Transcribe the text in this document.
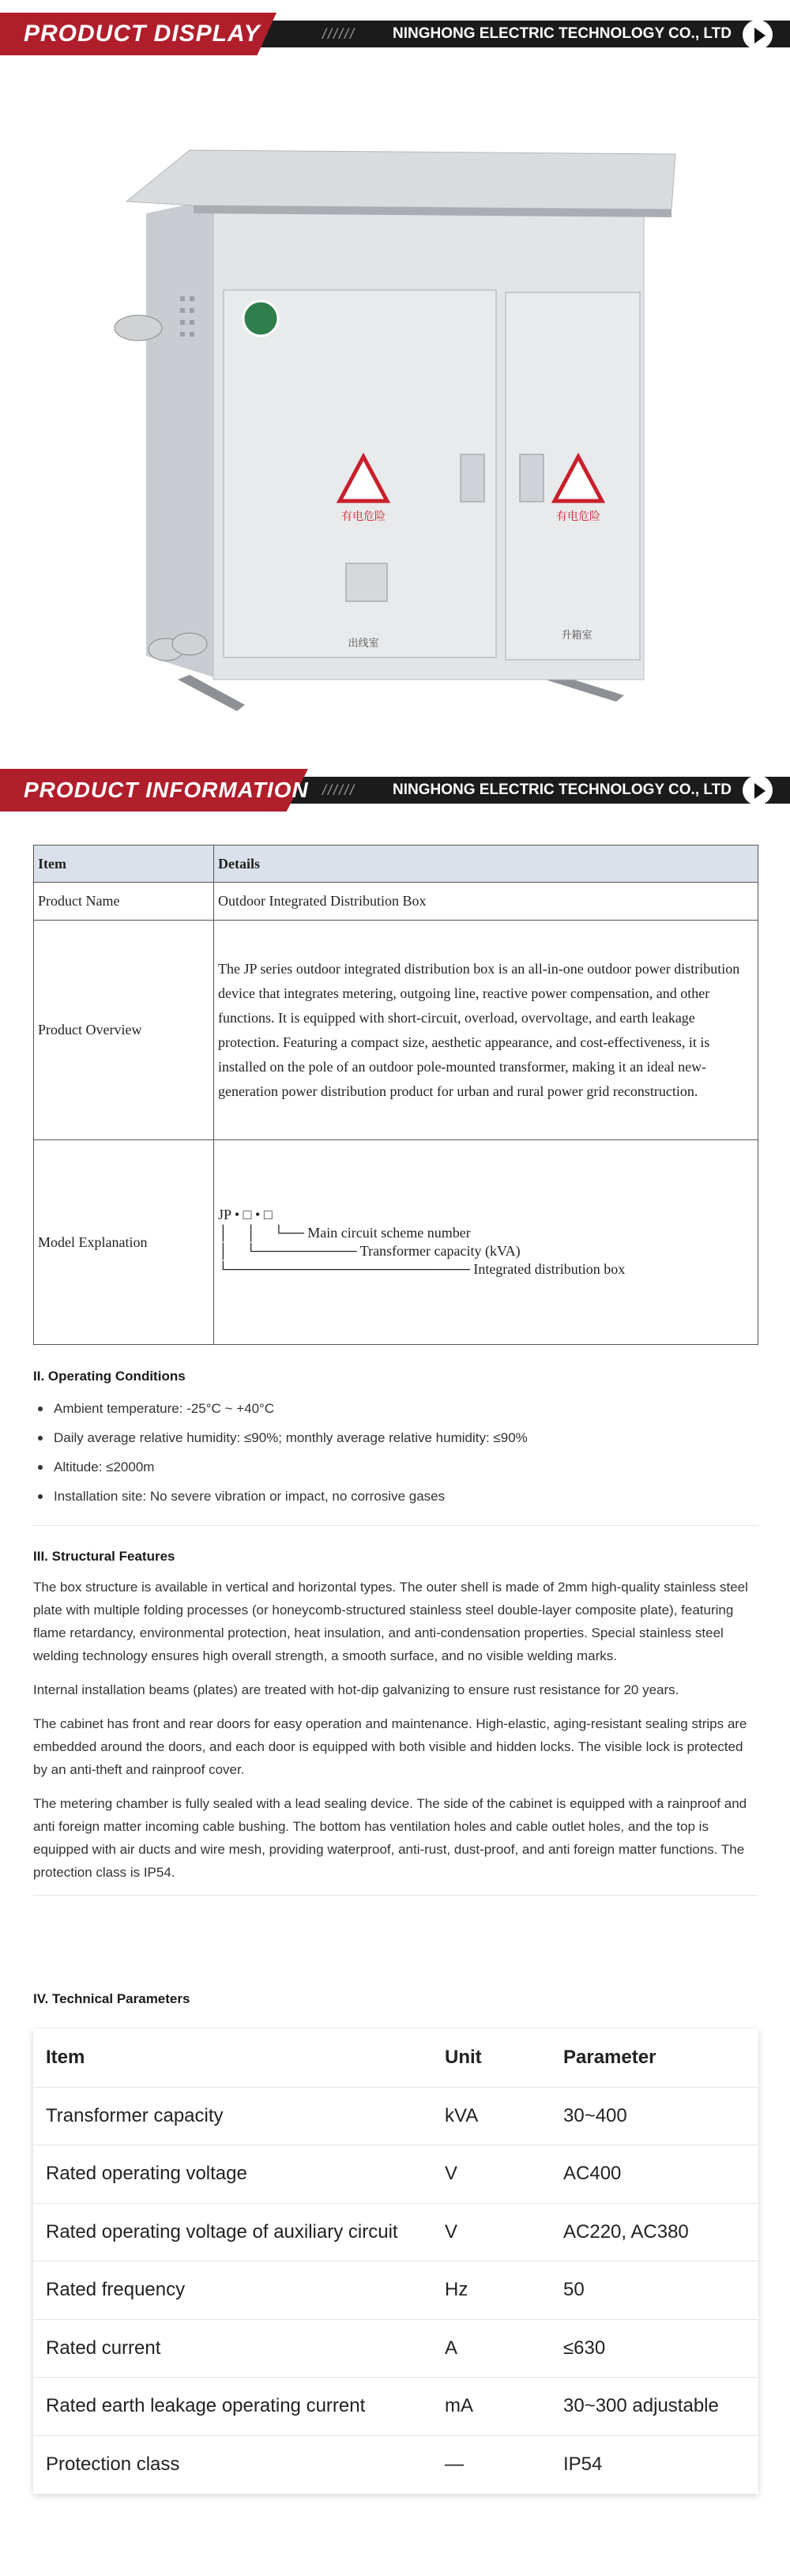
PRODUCT DISPLAY	////// NINGHONG ELECTRIC TECHNOLOGY CO., LTD
有电危险	有电危险
出线室
升箱室
PRODUCT INFORMATION ////// NINGHONG ELECTRIC TECHNOLOGY CO., LTD
Item	Details
Product Name	Outdoor Integrated Distribution Box
Product Overview	The JP series outdoor integrated distribution box is an all-in-one outdoor power distribution device that integrates metering, outgoing line, reactive power compensation, and other functions. It is equipped with short-circuit, overload, overvoltage, and earth leakage protection. Featuring a compact size, aesthetic appearance, and cost-effectiveness, it is installed on the pole of an outdoor pole-mounted transformer, making it an ideal new-generation power distribution product for urban and rural power grid reconstruction.

Model Explanation	JP • □ • □
│     │     └── Main circuit scheme number
│     └────────── Transformer capacity (kVA)
└──────────────────────── Integrated distribution box
II. Operating Conditions
Ambient temperature: -25°C ~ +40°C
Daily average relative humidity: ≤90%; monthly average relative humidity: ≤90%
Altitude: ≤2000m
Installation site: No severe vibration or impact, no corrosive gases
III. Structural Features

The box structure is available in vertical and horizontal types. The outer shell is made of 2mm high-quality stainless steel plate with multiple folding processes (or honeycomb-structured stainless steel double-layer composite plate), featuring flame retardancy, environmental protection, heat insulation, and anti-condensation properties. Special stainless steel welding technology ensures high overall strength, a smooth surface, and no visible welding marks.

Internal installation beams (plates) are treated with hot-dip galvanizing to ensure rust resistance for 20 years.

The cabinet has front and rear doors for easy operation and maintenance. High-elastic, aging-resistant sealing strips are embedded around the doors, and each door is equipped with both visible and hidden locks. The visible lock is protected by an anti-theft and rainproof cover.

The metering chamber is fully sealed with a lead sealing device. The side of the cabinet is equipped with a rainproof and anti foreign matter incoming cable bushing. The bottom has ventilation holes and cable outlet holes, and the top is equipped with air ducts and wire mesh, providing waterproof, anti-rust, dust-proof, and anti foreign matter functions. The protection class is IP54.

IV. Technical Parameters
Item	Unit	Parameter
Transformer capacity	kVA	30~400
Rated operating voltage	V	AC400
Rated operating voltage of auxiliary circuit	V	AC220, AC380
Rated frequency	Hz	50
Rated current	A	≤630
Rated earth leakage operating current	mA	30~300 adjustable
Protection class	—	IP54
